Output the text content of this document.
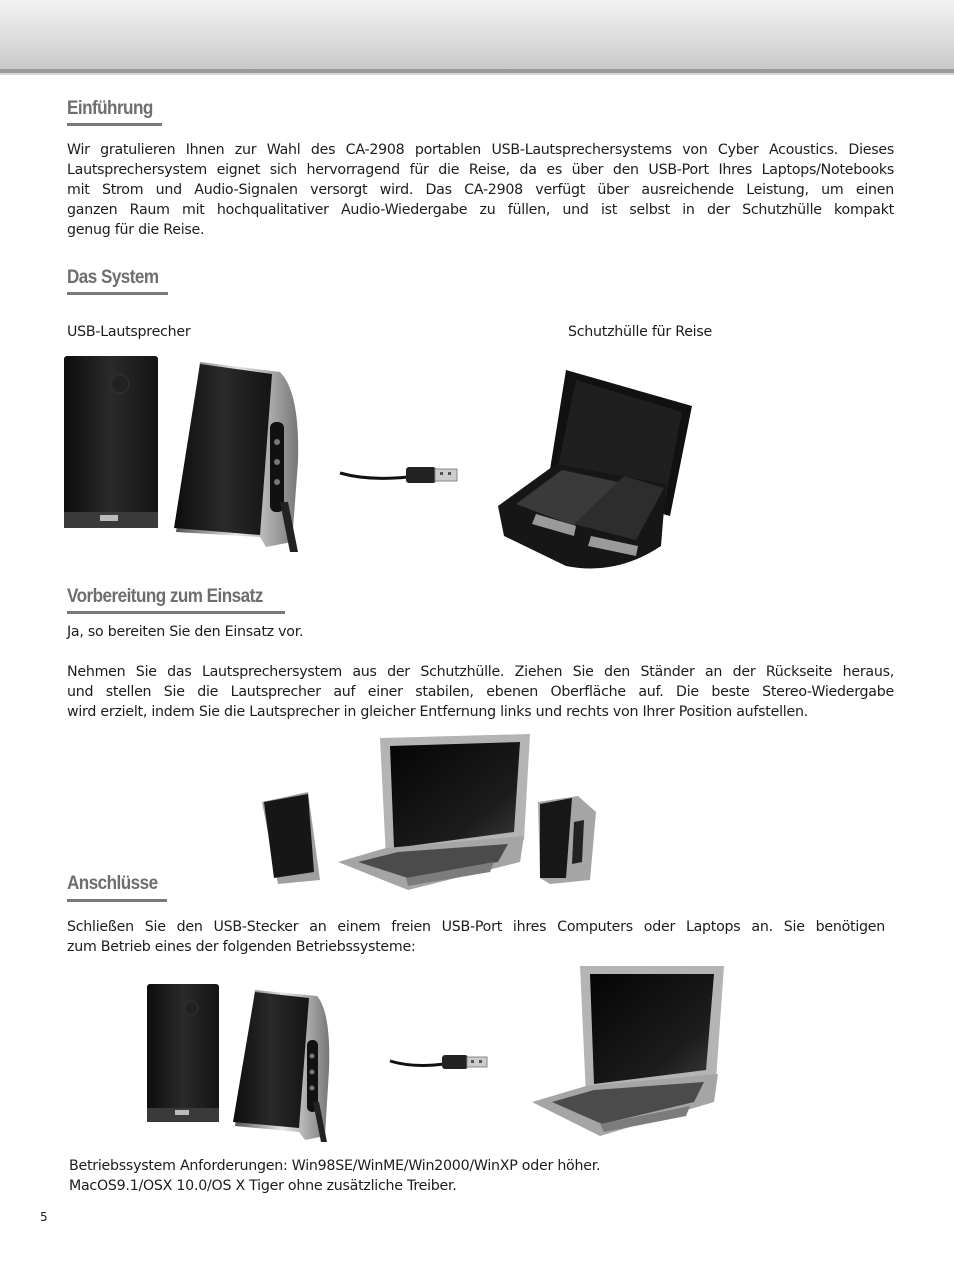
Einführung
Wir gratulieren Ihnen zur Wahl des CA-2908 portablen USB-Lautsprechersystems von Cyber Acoustics. Dieses
Lautsprechersystem eignet sich hervorragend für die Reise, da es über den USB-Port Ihres Laptops/Notebooks
mit Strom und Audio-Signalen versorgt wird. Das CA-2908 verfügt über ausreichende Leistung, um einen
ganzen Raum mit hochqualitativer Audio-Wiedergabe zu füllen, und ist selbst in der Schutzhülle kompakt
genug für die Reise.
Das System
USB-Lautsprecher	Schutzhülle für Reise
Vorbereitung zum Einsatz
Ja, so bereiten Sie den Einsatz vor.
Nehmen Sie das Lautsprechersystem aus der Schutzhülle. Ziehen Sie den Ständer an der Rückseite heraus,
und stellen Sie die Lautsprecher auf einer stabilen, ebenen Oberfläche auf. Die beste Stereo-Wiedergabe
wird erzielt, indem Sie die Lautsprecher in gleicher Entfernung links und rechts von Ihrer Position aufstellen.
Anschlüsse
Schließen Sie den USB-Stecker an einem freien USB-Port ihres Computers oder Laptops an. Sie benötigen
zum Betrieb eines der folgenden Betriebssysteme:
Betriebssystem Anforderungen: Win98SE/WinME/Win2000/WinXP oder höher.
MacOS9.1/OSX 10.0/OS X Tiger ohne zusätzliche Treiber.
5
